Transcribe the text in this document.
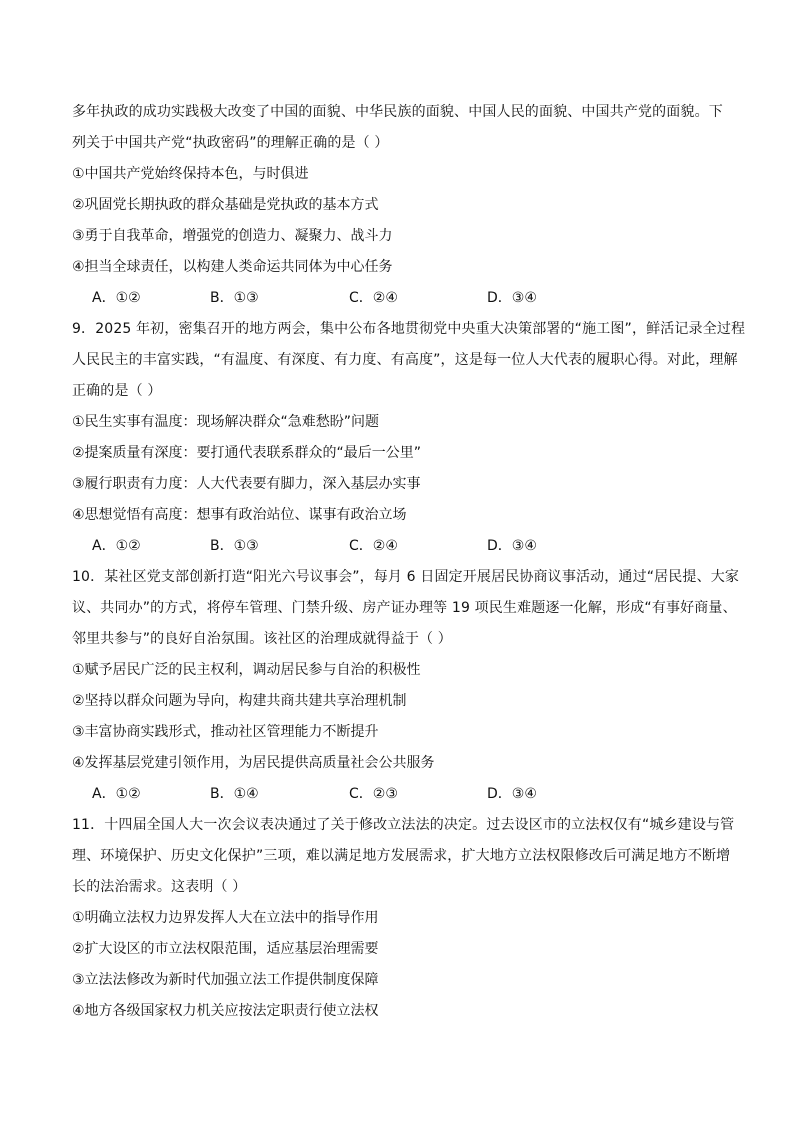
多年执政的成功实践极大改变了中国的面貌、中华民族的面貌、中国人民的面貌、中国共产党的面貌。下
列关于中国共产党“执政密码”的理解正确的是（ ）
①中国共产党始终保持本色，与时俱进
②巩固党长期执政的群众基础是党执政的基本方式
③勇于自我革命，增强党的创造力、凝聚力、战斗力
④担当全球责任，以构建人类命运共同体为中心任务
A．①②	B．①③	C．②④	D．③④
9．2025 年初，密集召开的地方两会，集中公布各地贯彻党中央重大决策部署的“施工图”，鲜活记录全过程
人民民主的丰富实践，“有温度、有深度、有力度、有高度”，这是每一位人大代表的履职心得。对此，理解
正确的是（ ）
①民生实事有温度：现场解决群众“急难愁盼”问题
②提案质量有深度：要打通代表联系群众的“最后一公里”
③履行职责有力度：人大代表要有脚力，深入基层办实事
④思想觉悟有高度：想事有政治站位、谋事有政治立场
A．①②	B．①③	C．②④	D．③④
10．某社区党支部创新打造“阳光六号议事会”，每月 6 日固定开展居民协商议事活动，通过“居民提、大家
议、共同办”的方式，将停车管理、门禁升级、房产证办理等 19 项民生难题逐一化解，形成“有事好商量、
邻里共参与”的良好自治氛围。该社区的治理成就得益于（ ）
①赋予居民广泛的民主权利，调动居民参与自治的积极性
②坚持以群众问题为导向，构建共商共建共享治理机制
③丰富协商实践形式，推动社区管理能力不断提升
④发挥基层党建引领作用，为居民提供高质量社会公共服务
A．①②	B．①④	C．②③	D．③④
11．十四届全国人大一次会议表决通过了关于修改立法法的决定。过去设区市的立法权仅有“城乡建设与管
理、环境保护、历史文化保护”三项，难以满足地方发展需求，扩大地方立法权限修改后可满足地方不断增
长的法治需求。这表明（ ）
①明确立法权力边界发挥人大在立法中的指导作用
②扩大设区的市立法权限范围，适应基层治理需要
③立法法修改为新时代加强立法工作提供制度保障
④地方各级国家权力机关应按法定职责行使立法权
